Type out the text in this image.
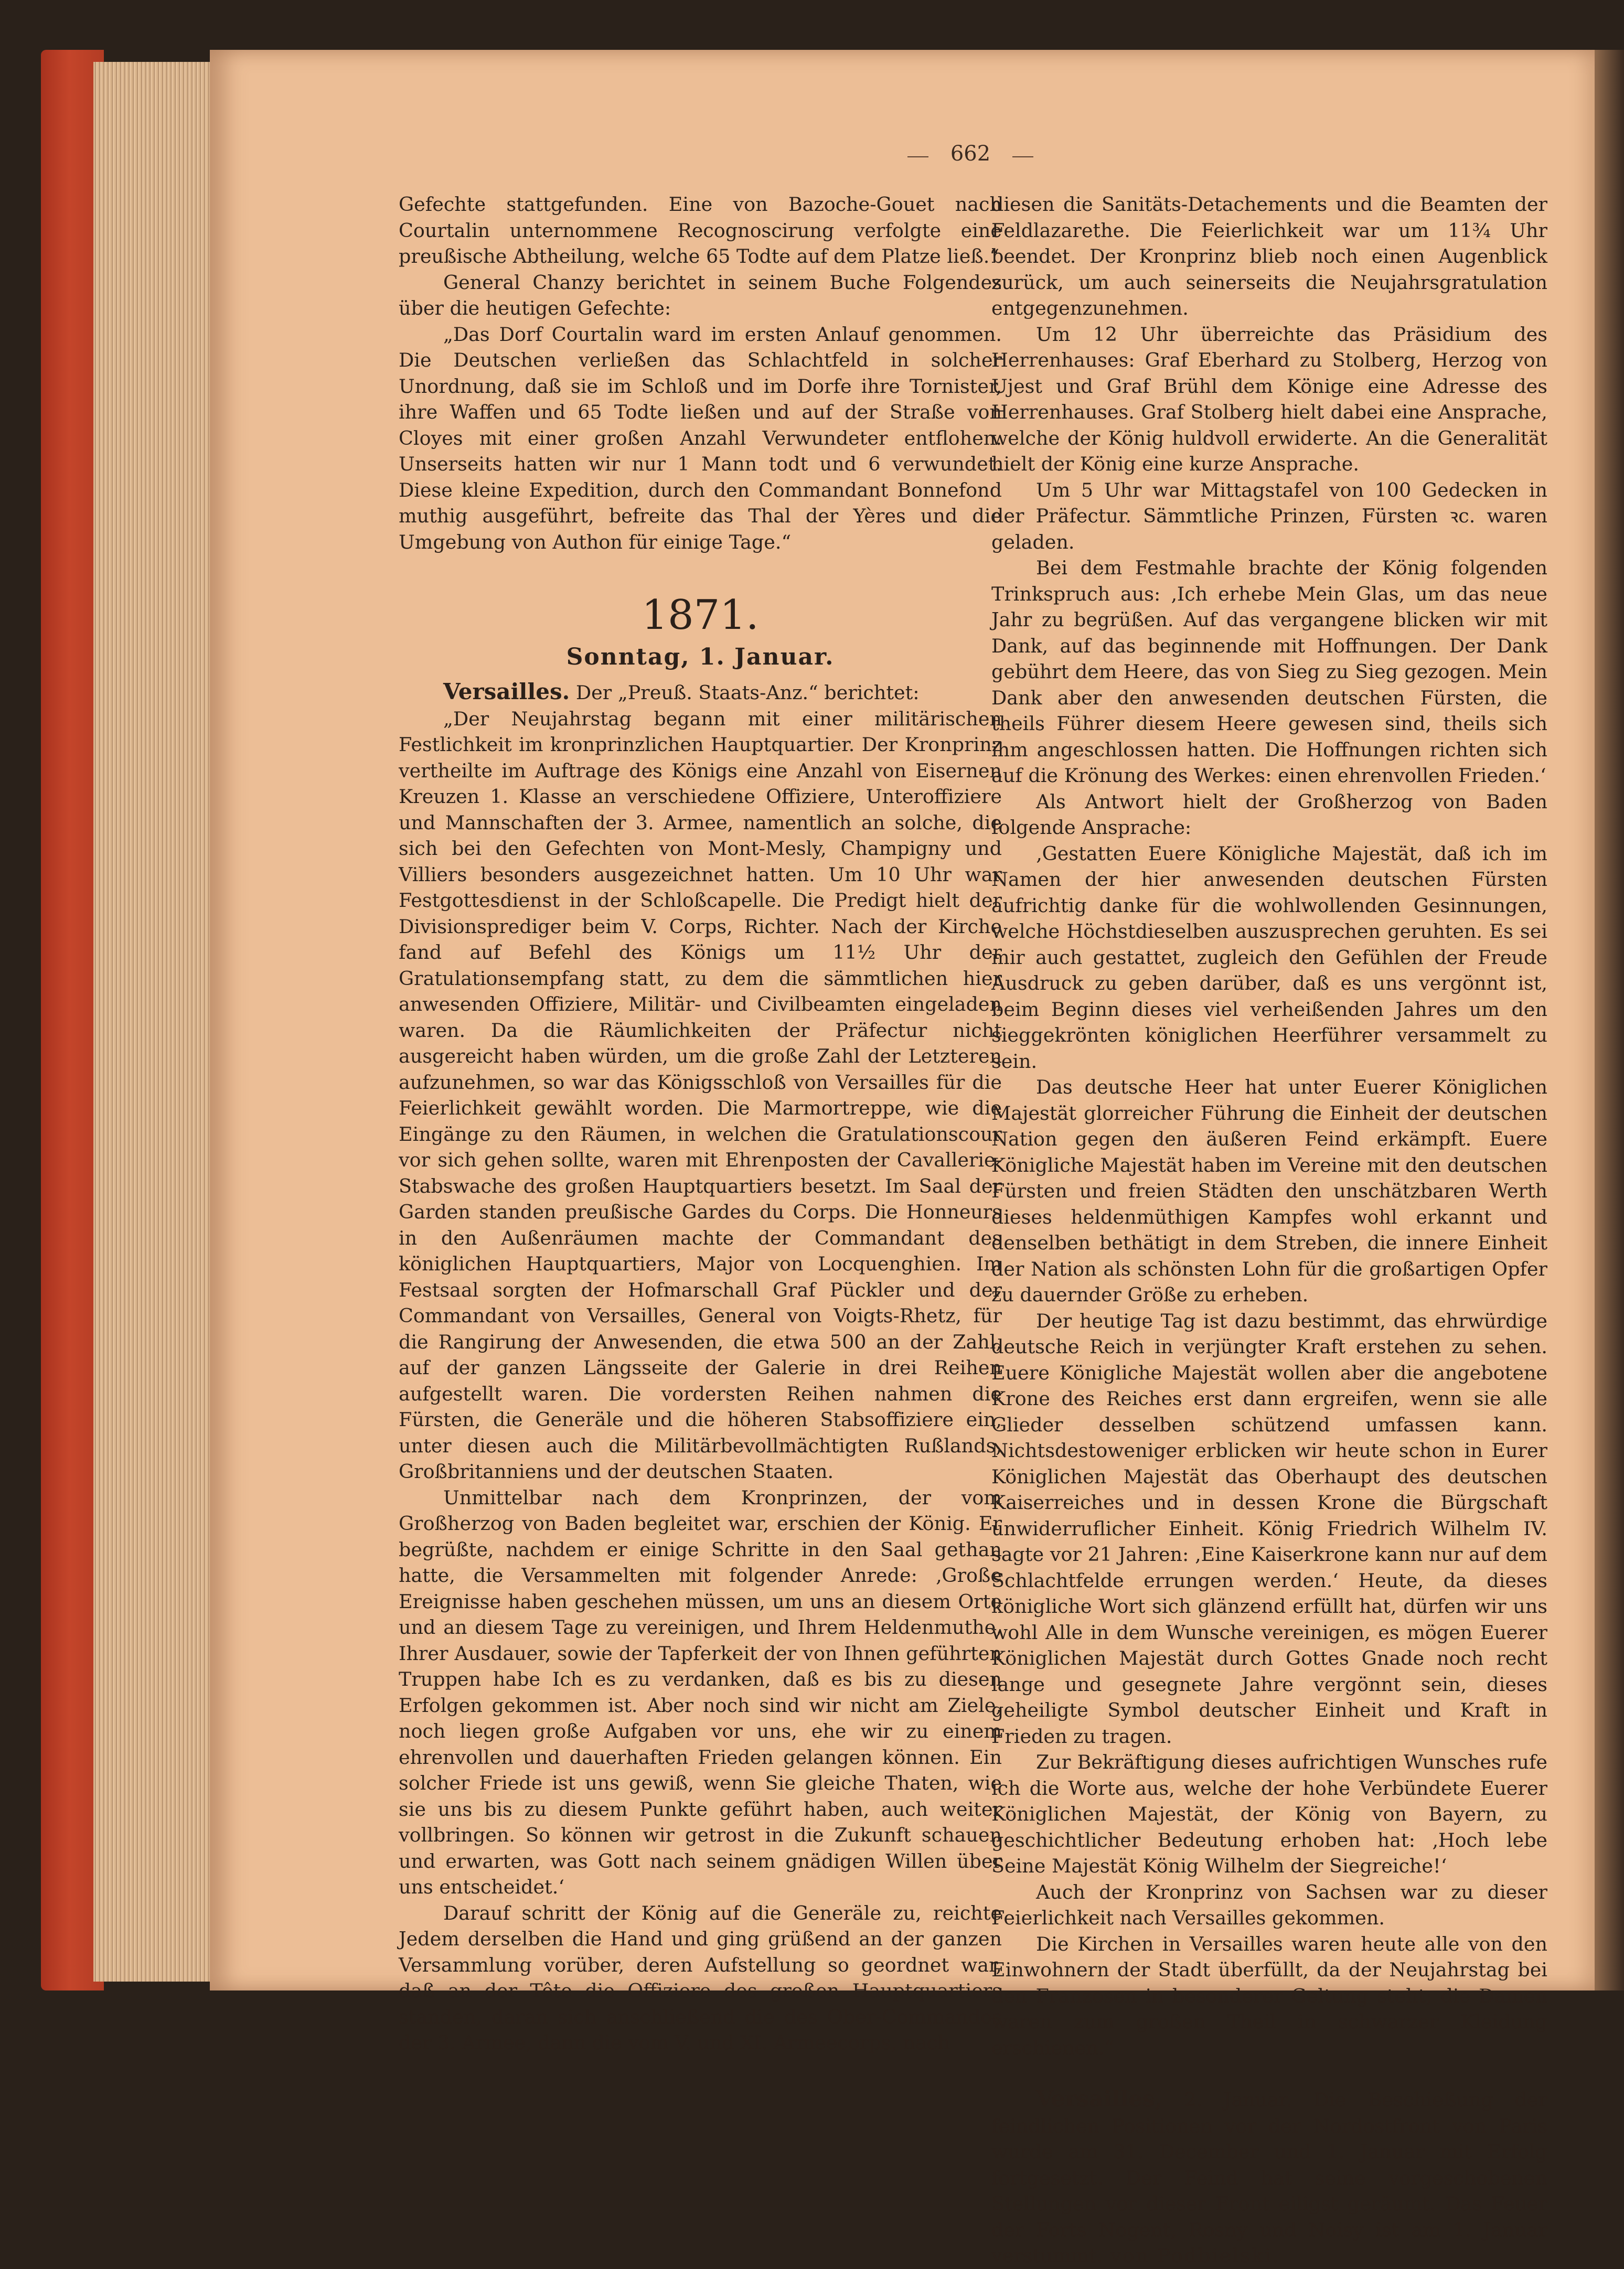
662

Gefechte stattgefunden. Eine von Bazoche-Gouet nach Courtalin unternommene Recognoscirung verfolgte eine preußische Abtheilung, welche 65 Todte auf dem Platze ließ.“

General Chanzy berichtet in seinem Buche Folgendes über die heutigen Gefechte:

„Das Dorf Courtalin ward im ersten Anlauf genommen. Die Deutschen verließen das Schlachtfeld in solcher Unordnung, daß sie im Schloß und im Dorfe ihre Tornister, ihre Waffen und 65 Todte ließen und auf der Straße von Cloyes mit einer großen Anzahl Verwundeter entflohen. Unserseits hatten wir nur 1 Mann todt und 6 verwundet. Diese kleine Expedition, durch den Commandant Bonnefond muthig ausgeführt, befreite das Thal der Yères und die Umgebung von Authon für einige Tage.“

1871.
Sonntag, 1. Januar.

Versailles. Der „Preuß. Staats-Anz.“ berichtet:

„Der Neujahrstag begann mit einer militärischen Festlichkeit im kronprinzlichen Hauptquartier. Der Kronprinz vertheilte im Auftrage des Königs eine Anzahl von Eisernen Kreuzen 1. Klasse an verschiedene Offiziere, Unteroffiziere und Mannschaften der 3. Armee, namentlich an solche, die sich bei den Gefechten von Mont-Mesly, Champigny und Villiers besonders ausgezeichnet hatten. Um 10 Uhr war Festgottesdienst in der Schloßcapelle. Die Predigt hielt der Divisionsprediger beim V. Corps, Richter. Nach der Kirche fand auf Befehl des Königs um 11½ Uhr der Gratulationsempfang statt, zu dem die sämmtlichen hier anwesenden Offiziere, Militär- und Civilbeamten eingeladen waren. Da die Räumlichkeiten der Präfectur nicht ausgereicht haben würden, um die große Zahl der Letzteren aufzunehmen, so war das Königsschloß von Versailles für die Feierlichkeit gewählt worden. Die Marmortreppe, wie die Eingänge zu den Räumen, in welchen die Gratulationscour vor sich gehen sollte, waren mit Ehrenposten der Cavallerie-Stabswache des großen Hauptquartiers besetzt. Im Saal der Garden standen preußische Gardes du Corps. Die Honneurs in den Außenräumen machte der Commandant des königlichen Hauptquartiers, Major von Locquenghien. Im Festsaal sorgten der Hofmarschall Graf Pückler und der Commandant von Versailles, General von Voigts-Rhetz, für die Rangirung der Anwesenden, die etwa 500 an der Zahl, auf der ganzen Längsseite der Galerie in drei Reihen aufgestellt waren. Die vordersten Reihen nahmen die Fürsten, die Generäle und die höheren Stabsoffiziere ein, unter diesen auch die Militärbevollmächtigten Rußlands, Großbritanniens und der deutschen Staaten.

Unmittelbar nach dem Kronprinzen, der vom Großherzog von Baden begleitet war, erschien der König. Er begrüßte, nachdem er einige Schritte in den Saal gethan hatte, die Versammelten mit folgender Anrede: ‚Große Ereignisse haben geschehen müssen, um uns an diesem Orte und an diesem Tage zu vereinigen, und Ihrem Heldenmuthe, Ihrer Ausdauer, sowie der Tapferkeit der von Ihnen geführten Truppen habe Ich es zu verdanken, daß es bis zu diesen Erfolgen gekommen ist. Aber noch sind wir nicht am Ziele, noch liegen große Aufgaben vor uns, ehe wir zu einem ehrenvollen und dauerhaften Frieden gelangen können. Ein solcher Friede ist uns gewiß, wenn Sie gleiche Thaten, wie sie uns bis zu diesem Punkte geführt haben, auch weiter vollbringen. So können wir getrost in die Zukunft schauen und erwarten, was Gott nach seinem gnädigen Willen über uns entscheidet.‘

Darauf schritt der König auf die Generäle zu, reichte Jedem derselben die Hand und ging grüßend an der ganzen Versammlung vorüber, deren Aufstellung so geordnet war, daß an der Tête die Offiziere des großen Hauptquartiers standen, daran sich anschließend die des Ober-Commandos der 3. Armee, dann die vom V. und XI. Armeecorps, nach

diesen die Sanitäts-Detachements und die Beamten der Feldlazarethe. Die Feierlichkeit war um 11¾ Uhr beendet. Der Kronprinz blieb noch einen Augenblick zurück, um auch seinerseits die Neujahrsgratulation entgegenzunehmen.

Um 12 Uhr überreichte das Präsidium des Herrenhauses: Graf Eberhard zu Stolberg, Herzog von Ujest und Graf Brühl dem Könige eine Adresse des Herrenhauses. Graf Stolberg hielt dabei eine Ansprache, welche der König huldvoll erwiderte. An die Generalität hielt der König eine kurze Ansprache.

Um 5 Uhr war Mittagstafel von 100 Gedecken in der Präfectur. Sämmtliche Prinzen, Fürsten ꝛc. waren geladen.

Bei dem Festmahle brachte der König folgenden Trinkspruch aus: ‚Ich erhebe Mein Glas, um das neue Jahr zu begrüßen. Auf das vergangene blicken wir mit Dank, auf das beginnende mit Hoffnungen. Der Dank gebührt dem Heere, das von Sieg zu Sieg gezogen. Mein Dank aber den anwesenden deutschen Fürsten, die theils Führer diesem Heere gewesen sind, theils sich ihm angeschlossen hatten. Die Hoffnungen richten sich auf die Krönung des Werkes: einen ehrenvollen Frieden.‘

Als Antwort hielt der Großherzog von Baden folgende Ansprache:

‚Gestatten Euere Königliche Majestät, daß ich im Namen der hier anwesenden deutschen Fürsten aufrichtig danke für die wohlwollenden Gesinnungen, welche Höchstdieselben auszusprechen geruhten. Es sei mir auch gestattet, zugleich den Gefühlen der Freude Ausdruck zu geben darüber, daß es uns vergönnt ist, beim Beginn dieses viel verheißenden Jahres um den sieggekrönten königlichen Heerführer versammelt zu sein.

Das deutsche Heer hat unter Euerer Königlichen Majestät glorreicher Führung die Einheit der deutschen Nation gegen den äußeren Feind erkämpft. Euere Königliche Majestät haben im Vereine mit den deutschen Fürsten und freien Städten den unschätzbaren Werth dieses heldenmüthigen Kampfes wohl erkannt und denselben bethätigt in dem Streben, die innere Einheit der Nation als schönsten Lohn für die großartigen Opfer zu dauernder Größe zu erheben.

Der heutige Tag ist dazu bestimmt, das ehrwürdige deutsche Reich in verjüngter Kraft erstehen zu sehen. Euere Königliche Majestät wollen aber die angebotene Krone des Reiches erst dann ergreifen, wenn sie alle Glieder desselben schützend umfassen kann. Nichtsdestoweniger erblicken wir heute schon in Eurer Königlichen Majestät das Oberhaupt des deutschen Kaiserreiches und in dessen Krone die Bürgschaft unwiderruflicher Einheit. König Friedrich Wilhelm IV. sagte vor 21 Jahren: ‚Eine Kaiserkrone kann nur auf dem Schlachtfelde errungen werden.‘ Heute, da dieses königliche Wort sich glänzend erfüllt hat, dürfen wir uns wohl Alle in dem Wunsche vereinigen, es mögen Euerer Königlichen Majestät durch Gottes Gnade noch recht lange und gesegnete Jahre vergönnt sein, dieses geheiligte Symbol deutscher Einheit und Kraft in Frieden zu tragen.

Zur Bekräftigung dieses aufrichtigen Wunsches rufe ich die Worte aus, welche der hohe Verbündete Euerer Königlichen Majestät, der König von Bayern, zu geschichtlicher Bedeutung erhoben hat: ‚Hoch lebe Seine Majestät König Wilhelm der Siegreiche!‘

Auch der Kronprinz von Sachsen war zu dieser Feierlichkeit nach Versailles gekommen.

Die Kirchen in Versailles waren heute alle von den Einwohnern der Stadt überfüllt, da der Neujahrstag bei den Franzosen in besonderer Geltung steht; die Damen waren zum großen Theil in schwarzer Kleidung erschienen.“

Versailles, 2. Januar. Die Beschießung der feindlichen Positionen vor der Nordostfront von Paris wurde am 31. December und 1. Januar mit Erfolg fortgesetzt. Der Feind hat seine vorgeschobenen Stellungen vor dieser Front eiligst geräumt. Das Feuer der Forts Nogent, Rosny und Noisy ist am 1. Januar verstummt. von Podbielski.
